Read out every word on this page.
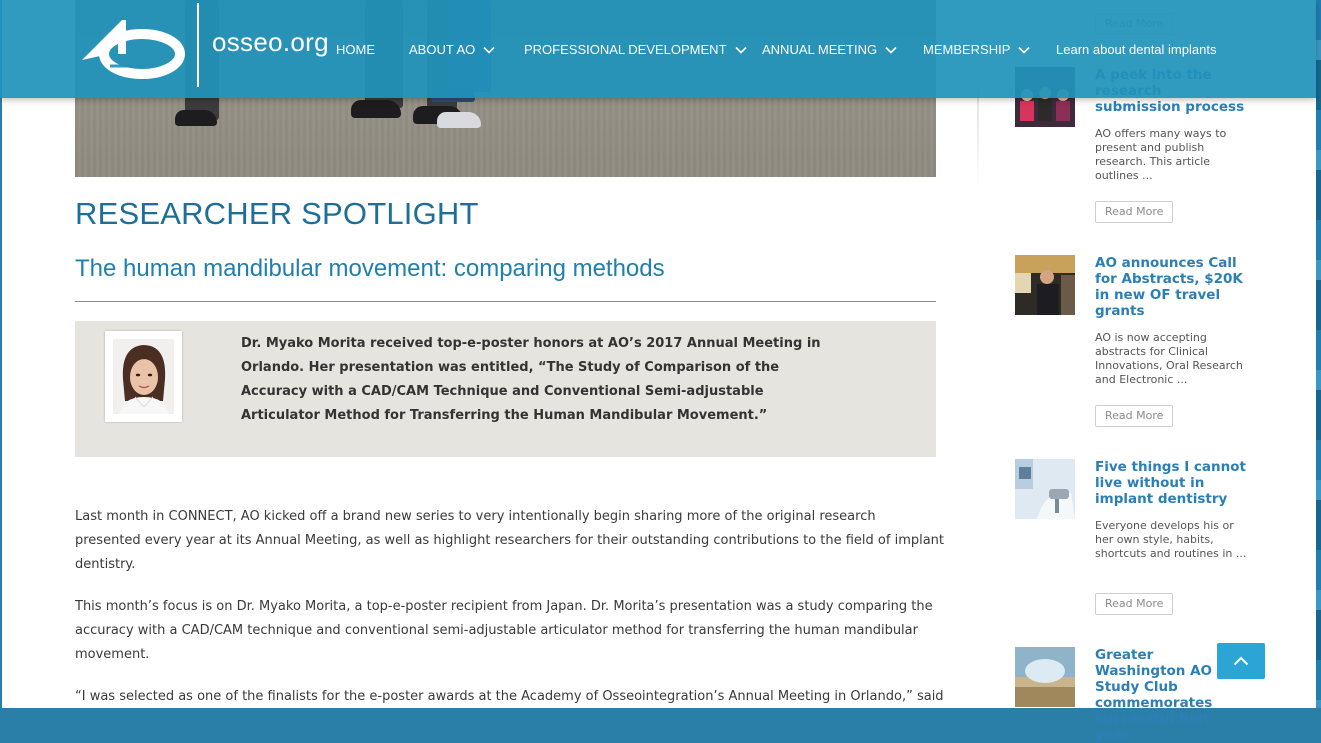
RESEARCHER SPOTLIGHT
The human mandibular movement: comparing methods
Dr. Myako Morita received top-e-poster honors at AO’s 2017 Annual Meeting in Orlando. Her presentation was entitled, “The Study of Comparison of the Accuracy with a CAD/CAM Technique and Conventional Semi-adjustable Articulator Method for Transferring the Human Mandibular Movement.”

Last month in CONNECT, AO kicked off a brand new series to very intentionally begin sharing more of the original research presented every year at its Annual Meeting, as well as highlight researchers for their outstanding contributions to the field of implant dentistry.

This month’s focus is on Dr. Myako Morita, a top-e-poster recipient from Japan. Dr. Morita’s presentation was a study comparing the accuracy with a CAD/CAM technique and conventional semi-adjustable articulator method for transferring the human mandibular movement.

“I was selected as one of the finalists for the e-poster awards at the Academy of Osseointegration’s Annual Meeting in Orlando,” said

submission process
AO offers many ways to present and publish research. This article outlines ...
Read More
AO announces Call for Abstracts, $20K in new OF travel grants
AO is now accepting abstracts for Clinical Innovations, Oral Research and Electronic ...
Read More
Five things I cannot live without in implant dentistry
Everyone develops his or her own style, habits, shortcuts and routines in ...
Read More
Greater Washington AO Study Club commemorates successful first year
osseo.org HOME	ABOUT AO	PROFESSIONAL DEVELOPMENT	ANNUAL MEETING	MEMBERSHIP	Learn about dental implants
